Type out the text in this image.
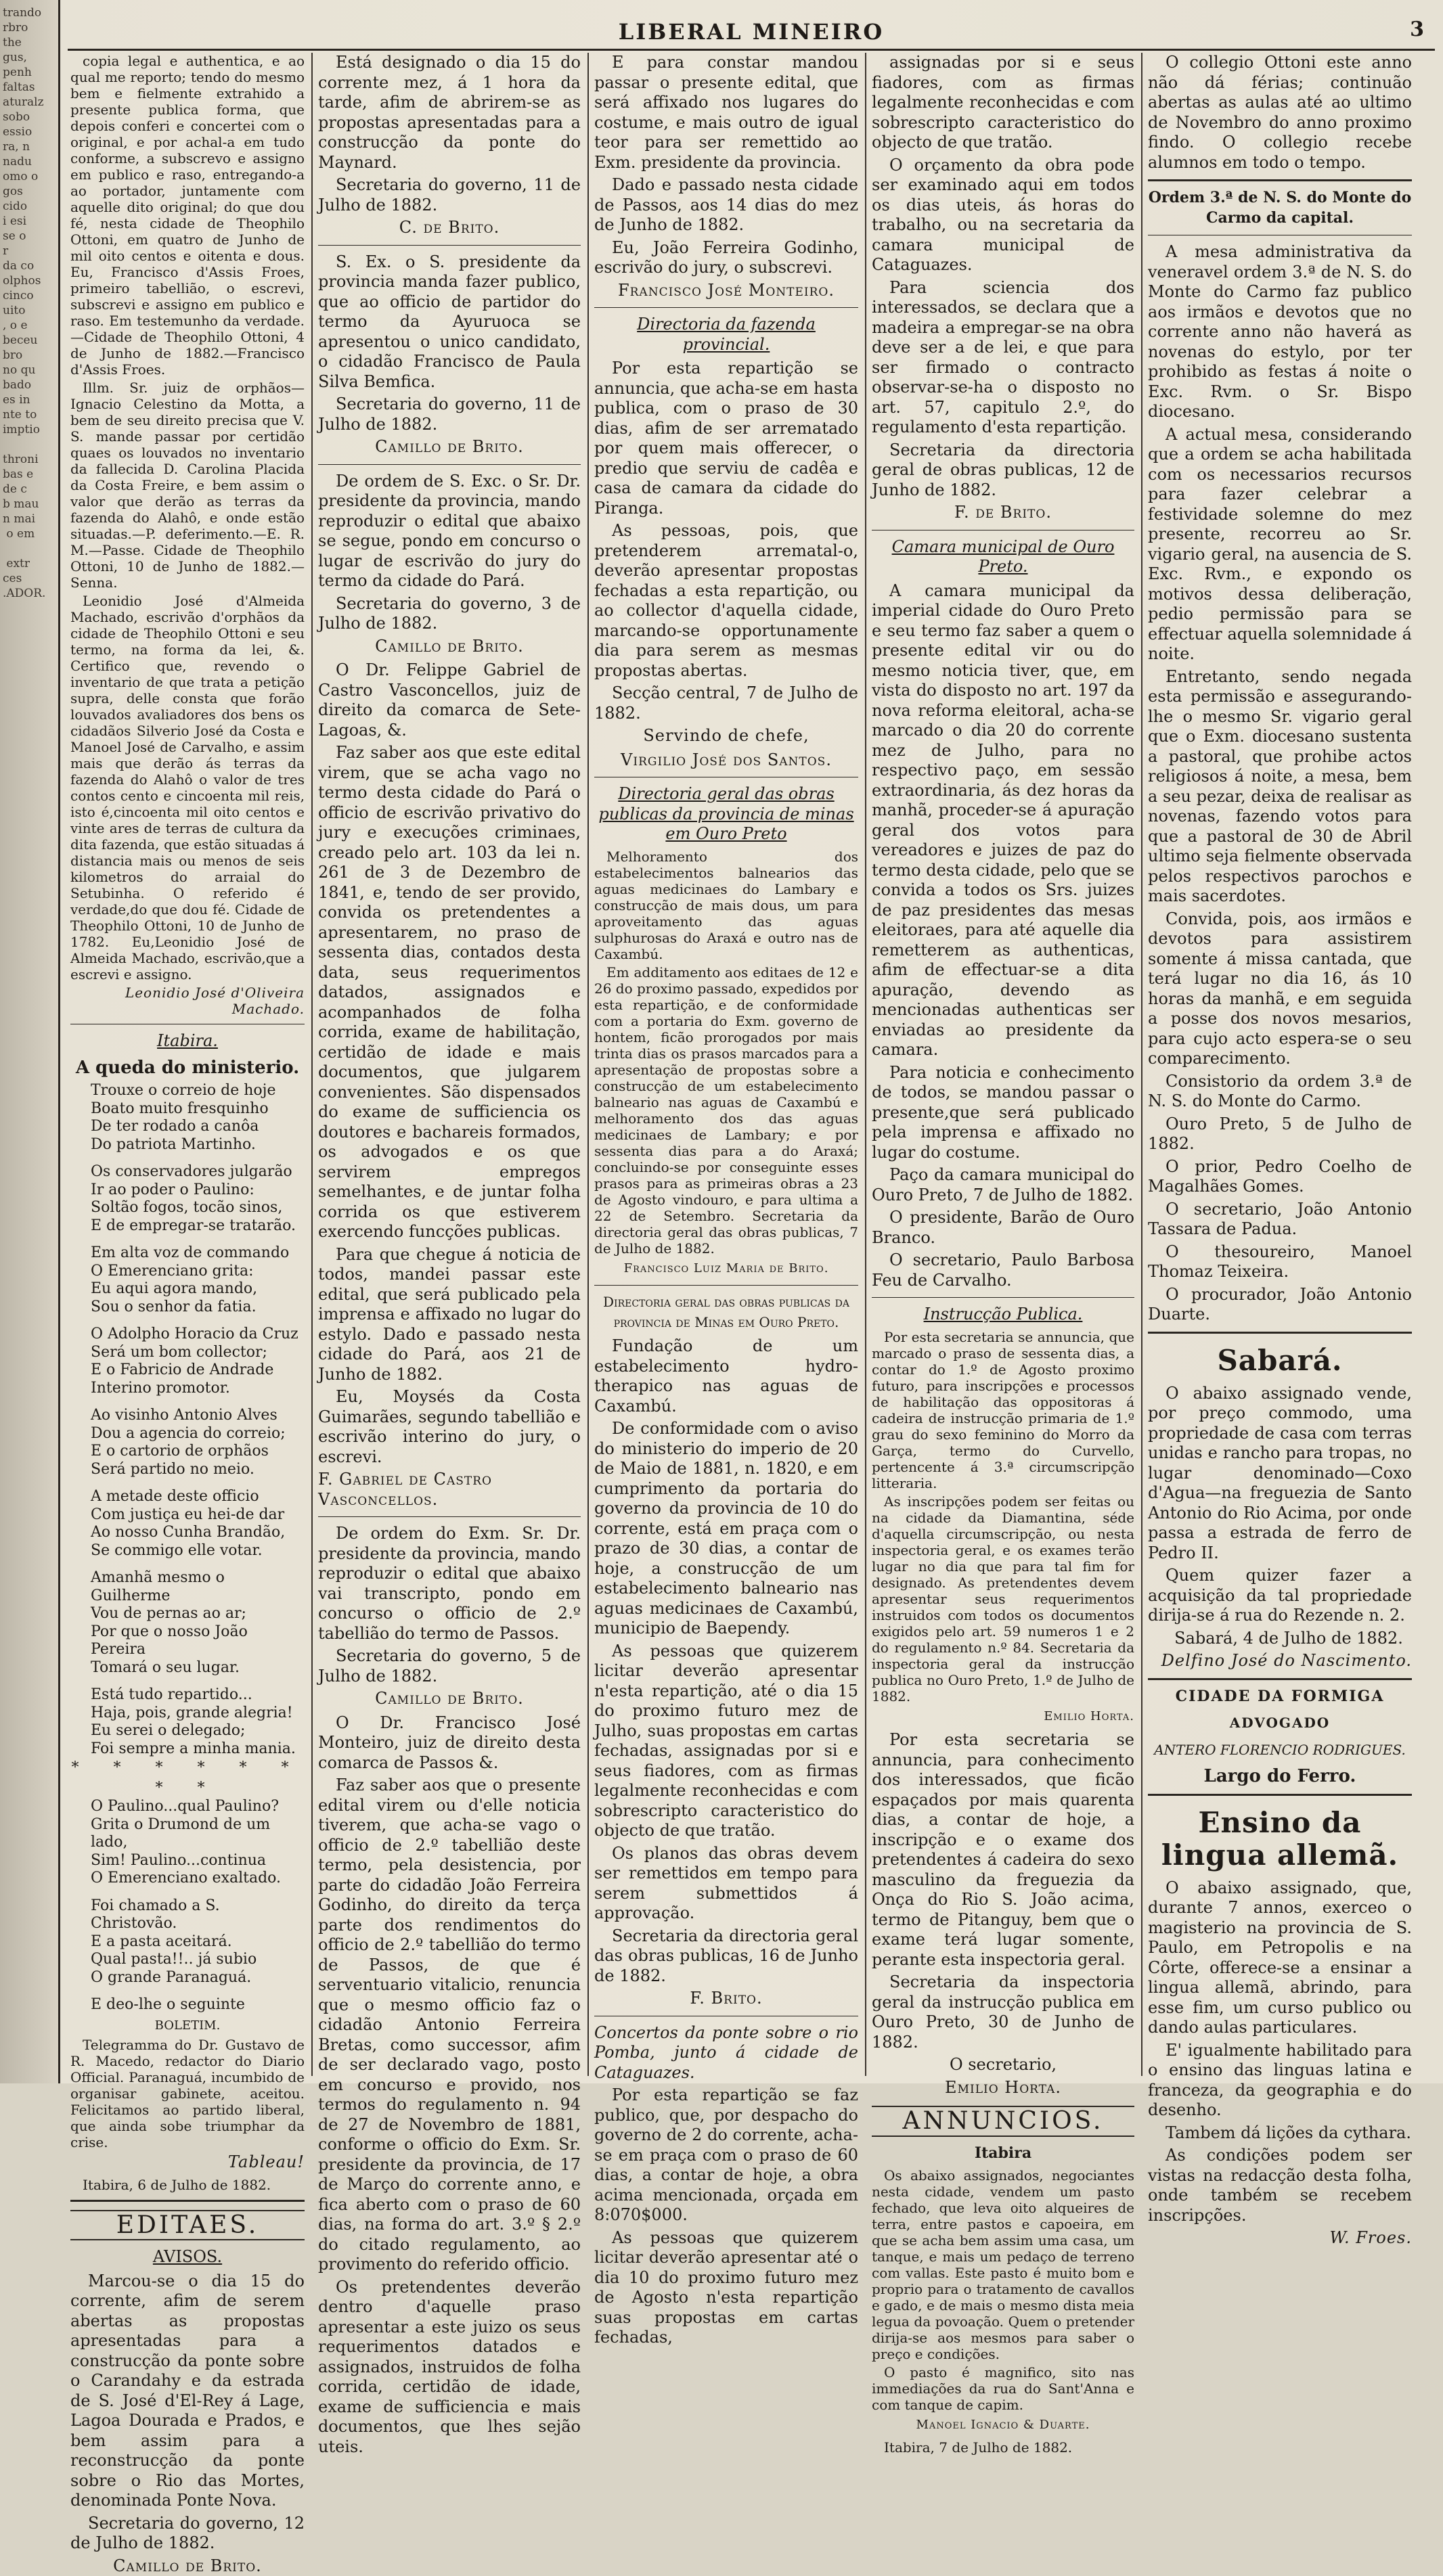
trando
rbro
the
gus,
penh
faltas
aturalz
sobo
essio
ra, n
nadu
omo o
gos
cido
i esi
se o
r
da co
olphos
cinco
uito
, o e
beceu
bro
no qu
bado
es in
nte to
imptio

throni
bas e
de c
b mau
n mai
o em

extr
ces
.ADOR.
LIBERAL MINEIRO	3

copia legal e authentica, e ao qual me reporto; tendo do mesmo bem e fielmente extrahido a presente publica forma, que depois conferi e concertei com o original, e por achal-a em tudo conforme, a subscrevo e assigno em publico e raso, entregando-a ao portador, juntamente com aquelle dito original; do que dou fé, nesta cidade de Theophilo Ottoni, em quatro de Junho de mil oito centos e oitenta e dous. Eu, Francisco d'Assis Froes, primeiro tabellião, o escrevi, subscrevi e assigno em publico e raso. Em testemunho da verdade.—Cidade de Theophilo Ottoni, 4 de Junho de 1882.—Francisco d'Assis Froes.

Illm. Sr. juiz de orphãos—Ignacio Celestino da Motta, a bem de seu direito precisa que V. S. mande passar por certidão quaes os louvados no inventario da fallecida D. Carolina Placida da Costa Freire, e bem assim o valor que derão as terras da fazenda do Alahô, e onde estão situadas.—P. deferimento.—E. R. M.—Passe. Cidade de Theophilo Ottoni, 10 de Junho de 1882.—Senna.

Leonidio José d'Almeida Machado, escrivão d'orphãos da cidade de Theophilo Ottoni e seu termo, na forma da lei, &. Certifico que, revendo o inventario de que trata a petição supra, delle consta que forão louvados avaliadores dos bens os cidadãos Silverio José da Costa e Manoel José de Carvalho, e assim mais que derão ás terras da fazenda do Alahô o valor de tres contos cento e cincoenta mil reis, isto é,cincoenta mil oito centos e vinte ares de terras de cultura da dita fazenda, que estão situadas á distancia mais ou menos de seis kilometros do arraial do Setubinha. O referido é verdade,do que dou fé. Cidade de Theophilo Ottoni, 10 de Junho de 1782. Eu,Leonidio José de Almeida Machado, escrivão,que a escrevi e assigno.

Leonidio José d'Oliveira Machado.
Itabira.
A queda do ministerio.

Trouxe o correio de hoje

Boato muito fresquinho

De ter rodado a canôa

Do patriota Martinho.

Os conservadores julgarão

Ir ao poder o Paulino:

Soltão fogos, tocão sinos,

E de empregar-se tratarão.

Em alta voz de commando

O Emerenciano grita:

Eu aqui agora mando,

Sou o senhor da fatia.

O Adolpho Horacio da Cruz

Será um bom collector;

E o Fabricio de Andrade

Interino promotor.

Ao visinho Antonio Alves

Dou a agencia do correio;

E o cartorio de orphãos

Será partido no meio.

A metade deste officio

Com justiça eu hei-de dar

Ao nosso Cunha Brandão,

Se commigo elle votar.

Amanhã mesmo o Guilherme

Vou de pernas ao ar;

Por que o nosso João Pereira

Tomará o seu lugar.

Está tudo repartido...

Haja, pois, grande alegria!

Eu serei o delegado;

Foi sempre a minha mania.

* * * * * * * *

O Paulino...qual Paulino?

Grita o Drumond de um lado,

Sim! Paulino...continua

O Emerenciano exaltado.

Foi chamado a S. Christovão.

E a pasta aceitará.

Qual pasta!!.. já subio

O grande Paranaguá.

E deo-lhe o seguinte

BOLETIM.

Telegramma do Dr. Gustavo de R. Macedo, redactor do Diario Official. Paranaguá, incumbido de organisar gabinete, aceitou. Felicitamos ao partido liberal, que ainda sobe triumphar da crise.

Tableau!

Itabira, 6 de Julho de 1882.

EDITAES.
AVISOS.

Marcou-se o dia 15 do corrente, afim de serem abertas as propostas apresentadas para a construcção da ponte sobre o Carandahy e da estrada de S. José d'El-Rey á Lage, Lagoa Dourada e Prados, e bem assim para a reconstrucção da ponte sobre o Rio das Mortes, denominada Ponte Nova.

Secretaria do governo, 12 de Julho de 1882.

Camillo de Brito.

Está designado o dia 15 do corrente mez, á 1 hora da tarde, afim de abrirem-se as propostas apresentadas para a construcção da ponte do Maynard.

Secretaria do governo, 11 de Julho de 1882.

C. de Brito.

S. Ex. o S. presidente da provincia manda fazer publico, que ao officio de partidor do termo da Ayuruoca se apresentou o unico candidato, o cidadão Francisco de Paula Silva Bemfica.

Secretaria do governo, 11 de Julho de 1882.

Camillo de Brito.

De ordem de S. Exc. o Sr. Dr. presidente da provincia, mando reproduzir o edital que abaixo se segue, pondo em concurso o lugar de escrivão do jury do termo da cidade do Pará.

Secretaria do governo, 3 de Julho de 1882.

Camillo de Brito.

O Dr. Felippe Gabriel de Castro Vasconcellos, juiz de direito da comarca de Sete-Lagoas, &.

Faz saber aos que este edital virem, que se acha vago no termo desta cidade do Pará o officio de escrivão privativo do jury e execuções criminaes, creado pelo art. 103 da lei n. 261 de 3 de Dezembro de 1841, e, tendo de ser provido, convida os pretendentes a apresentarem, no praso de sessenta dias, contados desta data, seus requerimentos datados, assignados e acompanhados de folha corrida, exame de habilitação, certidão de idade e mais documentos, que julgarem convenientes. São dispensados do exame de sufficiencia os doutores e bachareis formados, os advogados e os que servirem empregos semelhantes, e de juntar folha corrida os que estiverem exercendo funcções publicas.

Para que chegue á noticia de todos, mandei passar este edital, que será publicado pela imprensa e affixado no lugar do estylo. Dado e passado nesta cidade do Pará, aos 21 de Junho de 1882.

Eu, Moysés da Costa Guimarães, segundo tabellião e escrivão interino do jury, o escrevi.

F. Gabriel de Castro Vasconcellos.

De ordem do Exm. Sr. Dr. presidente da provincia, mando reproduzir o edital que abaixo vai transcripto, pondo em concurso o officio de 2.º tabellião do termo de Passos.

Secretaria do governo, 5 de Julho de 1882.

Camillo de Brito.

O Dr. Francisco José Monteiro, juiz de direito desta comarca de Passos &.

Faz saber aos que o presente edital virem ou d'elle noticia tiverem, que acha-se vago o officio de 2.º tabellião deste termo, pela desistencia, por parte do cidadão João Ferreira Godinho, do direito da terça parte dos rendimentos do officio de 2.º tabellião do termo de Passos, de que é serventuario vitalicio, renuncia que o mesmo officio faz o cidadão Antonio Ferreira Bretas, como successor, afim de ser declarado vago, posto em concurso e provido, nos termos do regulamento n. 94 de 27 de Novembro de 1881, conforme o officio do Exm. Sr. presidente da provincia, de 17 de Março do corrente anno, e fica aberto com o praso de 60 dias, na forma do art. 3.º § 2.º do citado regulamento, ao provimento do referido officio.

Os pretendentes deverão dentro d'aquelle praso apresentar a este juizo os seus requerimentos datados e assignados, instruidos de folha corrida, certidão de idade, exame de sufficiencia e mais documentos, que lhes sejão uteis.

E para constar mandou passar o presente edital, que será affixado nos lugares do costume, e mais outro de igual teor para ser remettido ao Exm. presidente da provincia.

Dado e passado nesta cidade de Passos, aos 14 dias do mez de Junho de 1882.

Eu, João Ferreira Godinho, escrivão do jury, o subscrevi.

Francisco José Monteiro.
Directoria da fazenda provincial.

Por esta repartição se annuncia, que acha-se em hasta publica, com o praso de 30 dias, afim de ser arrematado por quem mais offerecer, o predio que serviu de cadêa e casa de camara da cidade do Piranga.

As pessoas, pois, que pretenderem arrematal-o, deverão apresentar propostas fechadas a esta repartição, ou ao collector d'aquella cidade, marcando-se opportunamente dia para serem as mesmas propostas abertas.

Secção central, 7 de Julho de 1882.

Servindo de chefe,
Virgilio José dos Santos.
Directoria geral das obras publicas da provincia de minas em Ouro Preto

Melhoramento dos estabelecimentos balnearios das aguas medicinaes do Lambary e construcção de mais dous, um para aproveitamento das aguas sulphurosas do Araxá e outro nas de Caxambú.

Em additamento aos editaes de 12 e 26 do proximo passado, expedidos por esta repartição, e de conformidade com a portaria do Exm. governo de hontem, ficão prorogados por mais trinta dias os prasos marcados para a apresentação de propostas sobre a construcção de um estabelecimento balneario nas aguas de Caxambú e melhoramento dos das aguas medicinaes de Lambary; e por sessenta dias para a do Araxá; concluindo-se por conseguinte esses prasos para as primeiras obras a 23 de Agosto vindouro, e para ultima a 22 de Setembro. Secretaria da directoria geral das obras publicas, 7 de Julho de 1882.

Francisco Luiz Maria de Brito.
Directoria geral das obras publicas da provincia de Minas em Ouro Preto.

Fundação de um estabelecimento hydro-therapico nas aguas de Caxambú.

De conformidade com o aviso do ministerio do imperio de 20 de Maio de 1881, n. 1820, e em cumprimento da portaria do governo da provincia de 10 do corrente, está em praça com o prazo de 30 dias, a contar de hoje, a construcção de um estabelecimento balneario nas aguas medicinaes de Caxambú, municipio de Baependy.

As pessoas que quizerem licitar deverão apresentar n'esta repartição, até o dia 15 do proximo futuro mez de Julho, suas propostas em cartas fechadas, assignadas por si e seus fiadores, com as firmas legalmente reconhecidas e com sobrescripto caracteristico do objecto de que tratão.

Os planos das obras devem ser remettidos em tempo para serem submettidos á approvação.

Secretaria da directoria geral das obras publicas, 16 de Junho de 1882.

F. Brito.

Concertos da ponte sobre o rio Pomba, junto á cidade de Cataguazes.

Por esta repartição se faz publico, que, por despacho do governo de 2 do corrente, acha-se em praça com o praso de 60 dias, a contar de hoje, a obra acima mencionada, orçada em 8:070$000.

As pessoas que quizerem licitar deverão apresentar até o dia 10 do proximo futuro mez de Agosto n'esta repartição suas propostas em cartas fechadas,

assignadas por si e seus fiadores, com as firmas legalmente reconhecidas e com sobrescripto caracteristico do objecto de que tratão.

O orçamento da obra pode ser examinado aqui em todos os dias uteis, ás horas do trabalho, ou na secretaria da camara municipal de Cataguazes.

Para sciencia dos interessados, se declara que a madeira a empregar-se na obra deve ser a de lei, e que para ser firmado o contracto observar-se-ha o disposto no art. 57, capitulo 2.º, do regulamento d'esta repartição.

Secretaria da directoria geral de obras publicas, 12 de Junho de 1882.

F. de Brito.
Camara municipal de Ouro Preto.

A camara municipal da imperial cidade do Ouro Preto e seu termo faz saber a quem o presente edital vir ou do mesmo noticia tiver, que, em vista do disposto no art. 197 da nova reforma eleitoral, acha-se marcado o dia 20 do corrente mez de Julho, para no respectivo paço, em sessão extraordinaria, ás dez horas da manhã, proceder-se á apuração geral dos votos para vereadores e juizes de paz do termo desta cidade, pelo que se convida a todos os Srs. juizes de paz presidentes das mesas eleitoraes, para até aquelle dia remetterem as authenticas, afim de effectuar-se a dita apuração, devendo as mencionadas authenticas ser enviadas ao presidente da camara.

Para noticia e conhecimento de todos, se mandou passar o presente,que será publicado pela imprensa e affixado no lugar do costume.

Paço da camara municipal do Ouro Preto, 7 de Julho de 1882.

O presidente, Barão de Ouro Branco.

O secretario, Paulo Barbosa Feu de Carvalho.

Instrucção Publica.

Por esta secretaria se annuncia, que marcado o praso de sessenta dias, a contar do 1.º de Agosto proximo futuro, para inscripções e processos de habilitação das oppositoras á cadeira de instrucção primaria de 1.º grau do sexo feminino do Morro da Garça, termo do Curvello, pertencente á 3.ª circumscripção litteraria.

As inscripções podem ser feitas ou na cidade da Diamantina, séde d'aquella circumscripção, ou nesta inspectoria geral, e os exames terão lugar no dia que para tal fim for designado. As pretendentes devem apresentar seus requerimentos instruidos com todos os documentos exigidos pelo art. 59 numeros 1 e 2 do regulamento n.º 84. Secretaria da inspectoria geral da instrucção publica no Ouro Preto, 1.º de Julho de 1882.

Emilio Horta.

Por esta secretaria se annuncia, para conhecimento dos interessados, que ficão espaçados por mais quarenta dias, a contar de hoje, a inscripção e o exame dos pretendentes á cadeira do sexo masculino da freguezia da Onça do Rio S. João acima, termo de Pitanguy, bem que o exame terá lugar somente, perante esta inspectoria geral.

Secretaria da inspectoria geral da instrucção publica em Ouro Preto, 30 de Junho de 1882.

O secretario,

Emilio Horta.
ANNUNCIOS.
Itabira

Os abaixo assignados, negociantes nesta cidade, vendem um pasto fechado, que leva oito alqueires de terra, entre pastos e capoeira, em que se acha bem assim uma casa, um tanque, e mais um pedaço de terreno com vallas. Este pasto é muito bom e proprio para o tratamento de cavallos e gado, e de mais o mesmo dista meia legua da povoação. Quem o pretender dirija-se aos mesmos para saber o preço e condições.

O pasto é magnifico, sito nas immediações da rua do Sant'Anna e com tanque de capim.

Manoel Ignacio & Duarte.

Itabira, 7 de Julho de 1882.

O collegio Ottoni este anno não dá férias; continuão abertas as aulas até ao ultimo de Novembro do anno proximo findo. O collegio recebe alumnos em todo o tempo.

Ordem 3.ª de N. S. do Monte do Carmo da capital.

A mesa administrativa da veneravel ordem 3.ª de N. S. do Monte do Carmo faz publico aos irmãos e devotos que no corrente anno não haverá as novenas do estylo, por ter prohibido as festas á noite o Exc. Rvm. o Sr. Bispo diocesano.

A actual mesa, considerando que a ordem se acha habilitada com os necessarios recursos para fazer celebrar a festividade solemne do mez presente, recorreu ao Sr. vigario geral, na ausencia de S. Exc. Rvm., e expondo os motivos dessa deliberação, pedio permissão para se effectuar aquella solemnidade á noite.

Entretanto, sendo negada esta permissão e assegurando-lhe o mesmo Sr. vigario geral que o Exm. diocesano sustenta a pastoral, que prohibe actos religiosos á noite, a mesa, bem a seu pezar, deixa de realisar as novenas, fazendo votos para que a pastoral de 30 de Abril ultimo seja fielmente observada pelos respectivos parochos e mais sacerdotes.

Convida, pois, aos irmãos e devotos para assistirem somente á missa cantada, que terá lugar no dia 16, ás 10 horas da manhã, e em seguida a posse dos novos mesarios, para cujo acto espera-se o seu comparecimento.

Consistorio da ordem 3.ª de N. S. do Monte do Carmo.

Ouro Preto, 5 de Julho de 1882.

O prior, Pedro Coelho de Magalhães Gomes.

O secretario, João Antonio Tassara de Padua.

O thesoureiro, Manoel Thomaz Teixeira.

O procurador, João Antonio Duarte.

Sabará.

O abaixo assignado vende, por preço commodo, uma propriedade de casa com terras unidas e rancho para tropas, no lugar denominado—Coxo d'Agua—na freguezia de Santo Antonio do Rio Acima, por onde passa a estrada de ferro de Pedro II.

Quem quizer fazer a acquisição da tal propriedade dirija-se á rua do Rezende n. 2.

Sabará, 4 de Julho de 1882.

Delfino José do Nascimento.
CIDADE DA FORMIGA
ADVOGADO
ANTERO FLORENCIO RODRIGUES.
Largo do Ferro.
Ensino da lingua allemã.

O abaixo assignado, que, durante 7 annos, exerceo o magisterio na provincia de S. Paulo, em Petropolis e na Côrte, offerece-se a ensinar a lingua allemã, abrindo, para esse fim, um curso publico ou dando aulas particulares.

E' igualmente habilitado para o ensino das linguas latina e franceza, da geographia e do desenho.

Tambem dá lições da cythara.

As condições podem ser vistas na redacção desta folha, onde também se recebem inscripções.

W. Froes.
